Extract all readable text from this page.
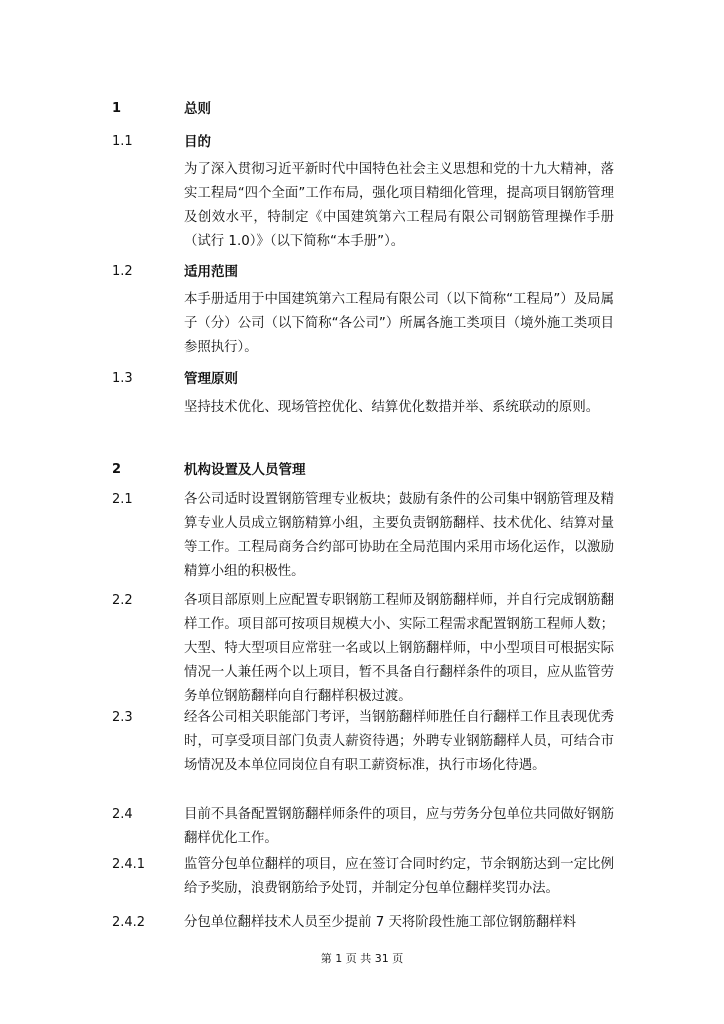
1	总则
1.1	目的
为了深入贯彻习近平新时代中国特色社会主义思想和党的十九大精神，落实工程局“四个全面”工作布局，强化项目精细化管理，提高项目钢筋管理及创效水平，特制定《中国建筑第六工程局有限公司钢筋管理操作手册（试行 1.0）》（以下简称“本手册”）。
1.2	适用范围
本手册适用于中国建筑第六工程局有限公司（以下简称“工程局”）及局属子（分）公司（以下简称“各公司”）所属各施工类项目（境外施工类项目参照执行）。
1.3	管理原则
坚持技术优化、现场管控优化、结算优化数措并举、系统联动的原则。
2	机构设置及人员管理
2.1	各公司适时设置钢筋管理专业板块；鼓励有条件的公司集中钢筋管理及精算专业人员成立钢筋精算小组，主要负责钢筋翻样、技术优化、结算对量等工作。工程局商务合约部可协助在全局范围内采用市场化运作，以激励精算小组的积极性。
2.2	各项目部原则上应配置专职钢筋工程师及钢筋翻样师，并自行完成钢筋翻样工作。项目部可按项目规模大小、实际工程需求配置钢筋工程师人数；大型、特大型项目应常驻一名或以上钢筋翻样师，中小型项目可根据实际情况一人兼任两个以上项目，暂不具备自行翻样条件的项目，应从监管劳务单位钢筋翻样向自行翻样积极过渡。
2.3	经各公司相关职能部门考评，当钢筋翻样师胜任自行翻样工作且表现优秀时，可享受项目部门负责人薪资待遇；外聘专业钢筋翻样人员，可结合市场情况及本单位同岗位自有职工薪资标准，执行市场化待遇。
2.4	目前不具备配置钢筋翻样师条件的项目，应与劳务分包单位共同做好钢筋翻样优化工作。
2.4.1	监管分包单位翻样的项目，应在签订合同时约定，节余钢筋达到一定比例给予奖励，浪费钢筋给予处罚，并制定分包单位翻样奖罚办法。
2.4.2	分包单位翻样技术人员至少提前 7 天将阶段性施工部位钢筋翻样料
第 1 页 共 31 页
